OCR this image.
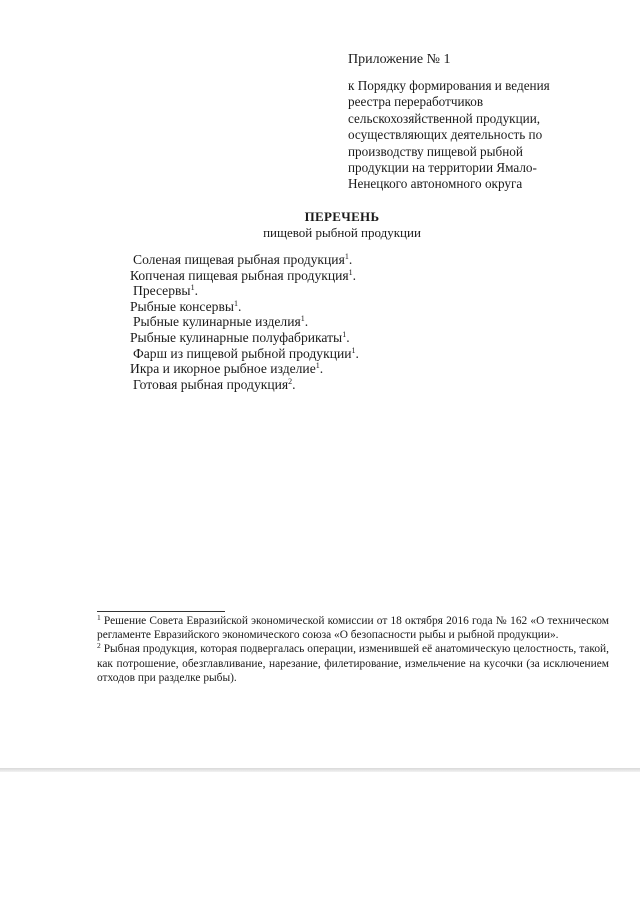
Приложение № 1
к Порядку формирования и ведения
реестра переработчиков
сельскохозяйственной продукции,
осуществляющих деятельность по
производству пищевой рыбной
продукции на территории Ямало-
Ненецкого автономного округа
ПЕРЕЧЕНЬ
пищевой рыбной продукции
Соленая пищевая рыбная продукция$^1$.
Копченая пищевая рыбная продукция$^1$.
Пресервы$^1$.
Рыбные консервы$^1$.
Рыбные кулинарные изделия$^1$.
Рыбные кулинарные полуфабрикаты$^1$.
Фарш из пищевой рыбной продукции$^1$.
Икра и икорное рыбное изделие$^1$.
Готовая рыбная продукция$^2$.

$^1$ Решение Совета Евразийской экономической комиссии от 18 октября 2016 года № 162 «О техническом регламенте Евразийского экономического союза «О безопасности рыбы и рыбной продукции».

$^2$ Рыбная продукция, которая подвергалась операции, изменившей её анатомическую целостность, такой, как потрошение, обезглавливание, нарезание, филетирование, измельчение на кусочки (за исключением отходов при разделке рыбы).
